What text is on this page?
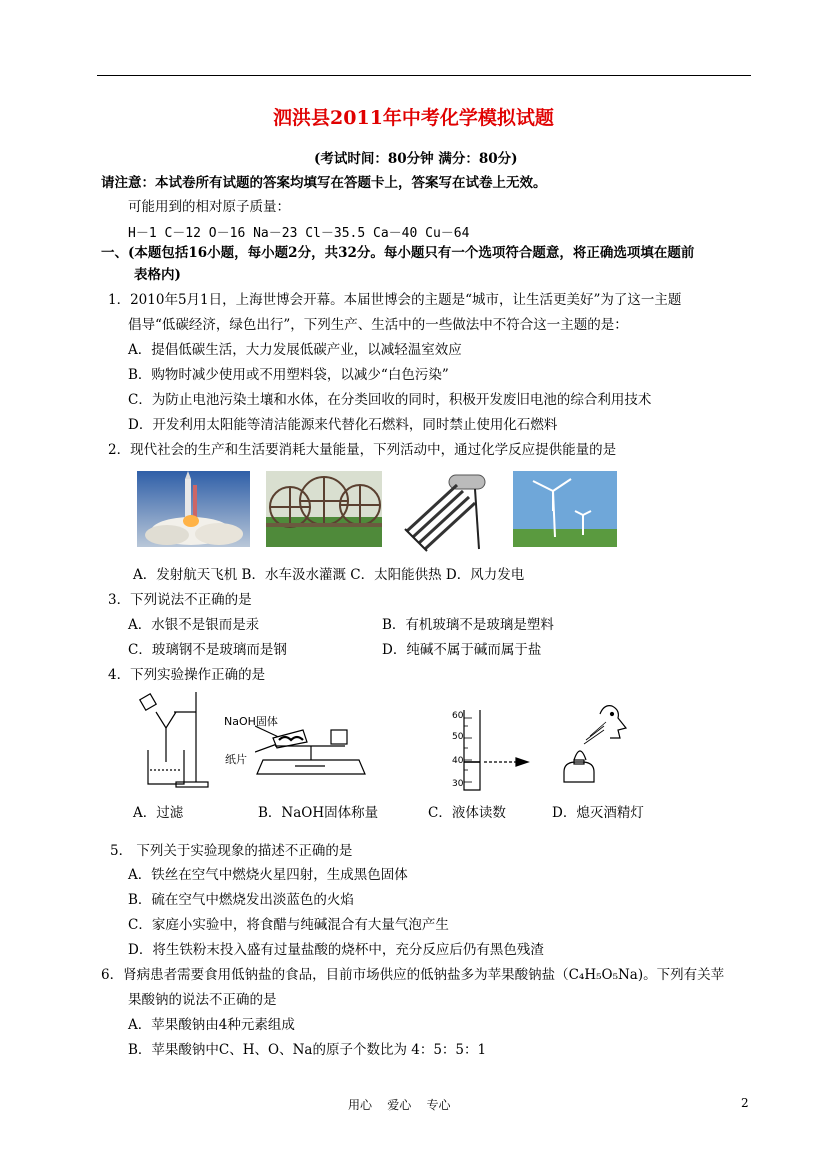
泗洪县2011年中考化学模拟试题
(考试时间：80分钟 满分：80分)
请注意：本试卷所有试题的答案均填写在答题卡上，答案写在试卷上无效。
可能用到的相对原子质量：
H－1 C－12 O－16 Na－23 Cl－35.5 Ca－40 Cu－64
一、(本题包括16小题，每小题2分，共32分。每小题只有一个选项符合题意，将正确选项填在题前
表格内)
1．2010年5月1日，上海世博会开幕。本届世博会的主题是“城市，让生活更美好”为了这一主题
倡导“低碳经济，绿色出行”，下列生产、生活中的一些做法中不符合这一主题的是：
A．提倡低碳生活，大力发展低碳产业，以减轻温室效应
B．购物时减少使用或不用塑料袋，以减少“白色污染”
C．为防止电池污染土壤和水体，在分类回收的同时，积极开发废旧电池的综合利用技术
D．开发利用太阳能等清洁能源来代替化石燃料，同时禁止使用化石燃料
2．现代社会的生产和生活要消耗大量能量，下列活动中，通过化学反应提供能量的是
A．发射航天飞机 B．水车汲水灌溉 C．太阳能供热 D．风力发电
3．下列说法不正确的是
A．水银不是银而是汞	B．有机玻璃不是玻璃是塑料
C．玻璃钢不是玻璃而是钢	D．纯碱不属于碱而属于盐
4．下列实验操作正确的是
NaOH固体
纸片
60
50
40
30
A．过滤	B．NaOH固体称量	C．液体读数	D．熄灭酒精灯
5． 下列关于实验现象的描述不正确的是
A．铁丝在空气中燃烧火星四射，生成黑色固体
B．硫在空气中燃烧发出淡蓝色的火焰
C．家庭小实验中，将食醋与纯碱混合有大量气泡产生
D．将生铁粉末投入盛有过量盐酸的烧杯中，充分反应后仍有黑色残渣
6．肾病患者需要食用低钠盐的食品，目前市场供应的低钠盐多为苹果酸钠盐（C₄H₅O₅Na)。下列有关苹
果酸钠的说法不正确的是
A．苹果酸钠由4种元素组成
B．苹果酸钠中C、H、O、Na的原子个数比为 4：5：5：1
用心    爱心    专心	2
